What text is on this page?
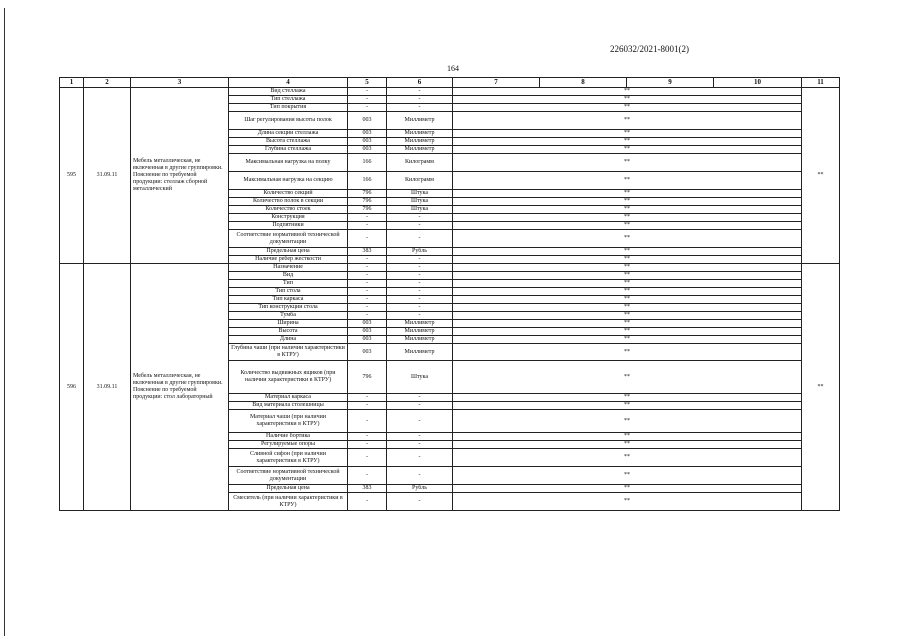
226032/2021-8001(2)
164
1	2	3	4	5	6	7	8	9	10	11
595	31.09.11	Мебель металлическая, не включенная в другие группировки. Пояснение по требуемой продукции: стеллаж сборной металлический	Вид стеллажа	-	-	**				**
			Тип стеллажа	-	-	**				
			Тип покрытия	-	-	**				
			Шаг регулирования высоты полок	003	Миллиметр	**				
			Длина секции стеллажа	003	Миллиметр	**				
			Высота стеллажа	003	Миллиметр	**				
			Глубина стеллажа	003	Миллиметр	**				
			Максимальная нагрузка на полку	166	Килограмм	**				
			Максимальная нагрузка на секцию	166	Килограмм	**				
			Количество секций	796	Штука	**				
			Количество полок в секции	796	Штука	**				
			Количество стоек	796	Штука	**				
			Конструкция	-	-	**				
			Подпятники	-	-	**				
			Соответствие нормативной технической документации	-	-	**				
			Предельная цена	383	Рубль	**				
			Наличие ребер жесткости	-	-	**				
596	31.09.11	Мебель металлическая, не включенная в другие группировки. Пояснение по требуемой продукции: стол лабораторный	Назначение	-	-	**				**
			Вид	-	-	**				
			Тип	-	-	**				
			Тип стола	-	-	**				
			Тип каркаса	-	-	**				
			Тип конструкции стола	-	-	**				
			Тумба	-	-	**				
			Ширина	003	Миллиметр	**				
			Высота	003	Миллиметр	**				
			Длина	003	Миллиметр	**				
			Глубина чаши (при наличии характеристики в КТРУ)	003	Миллиметр	**				
			Количество выдвижных ящиков (при наличии характеристики в КТРУ)	796	Штука	**				
			Материал каркаса	-	-	**				
			Вид материала столешницы	-	-	**				
			Материал чаши (при наличии характеристики в КТРУ)	-	-	**				
			Наличие бортика	-	-	**				
			Регулируемые опоры	-	-	**				
			Сливной сифон (при наличии характеристики в КТРУ)	-	-	**				
			Соответствие нормативной технической документации	-	-	**				
			Предельная цена	383	Рубль	**				
			Смеситель (при наличии характеристики в КТРУ)	-	-	**				
